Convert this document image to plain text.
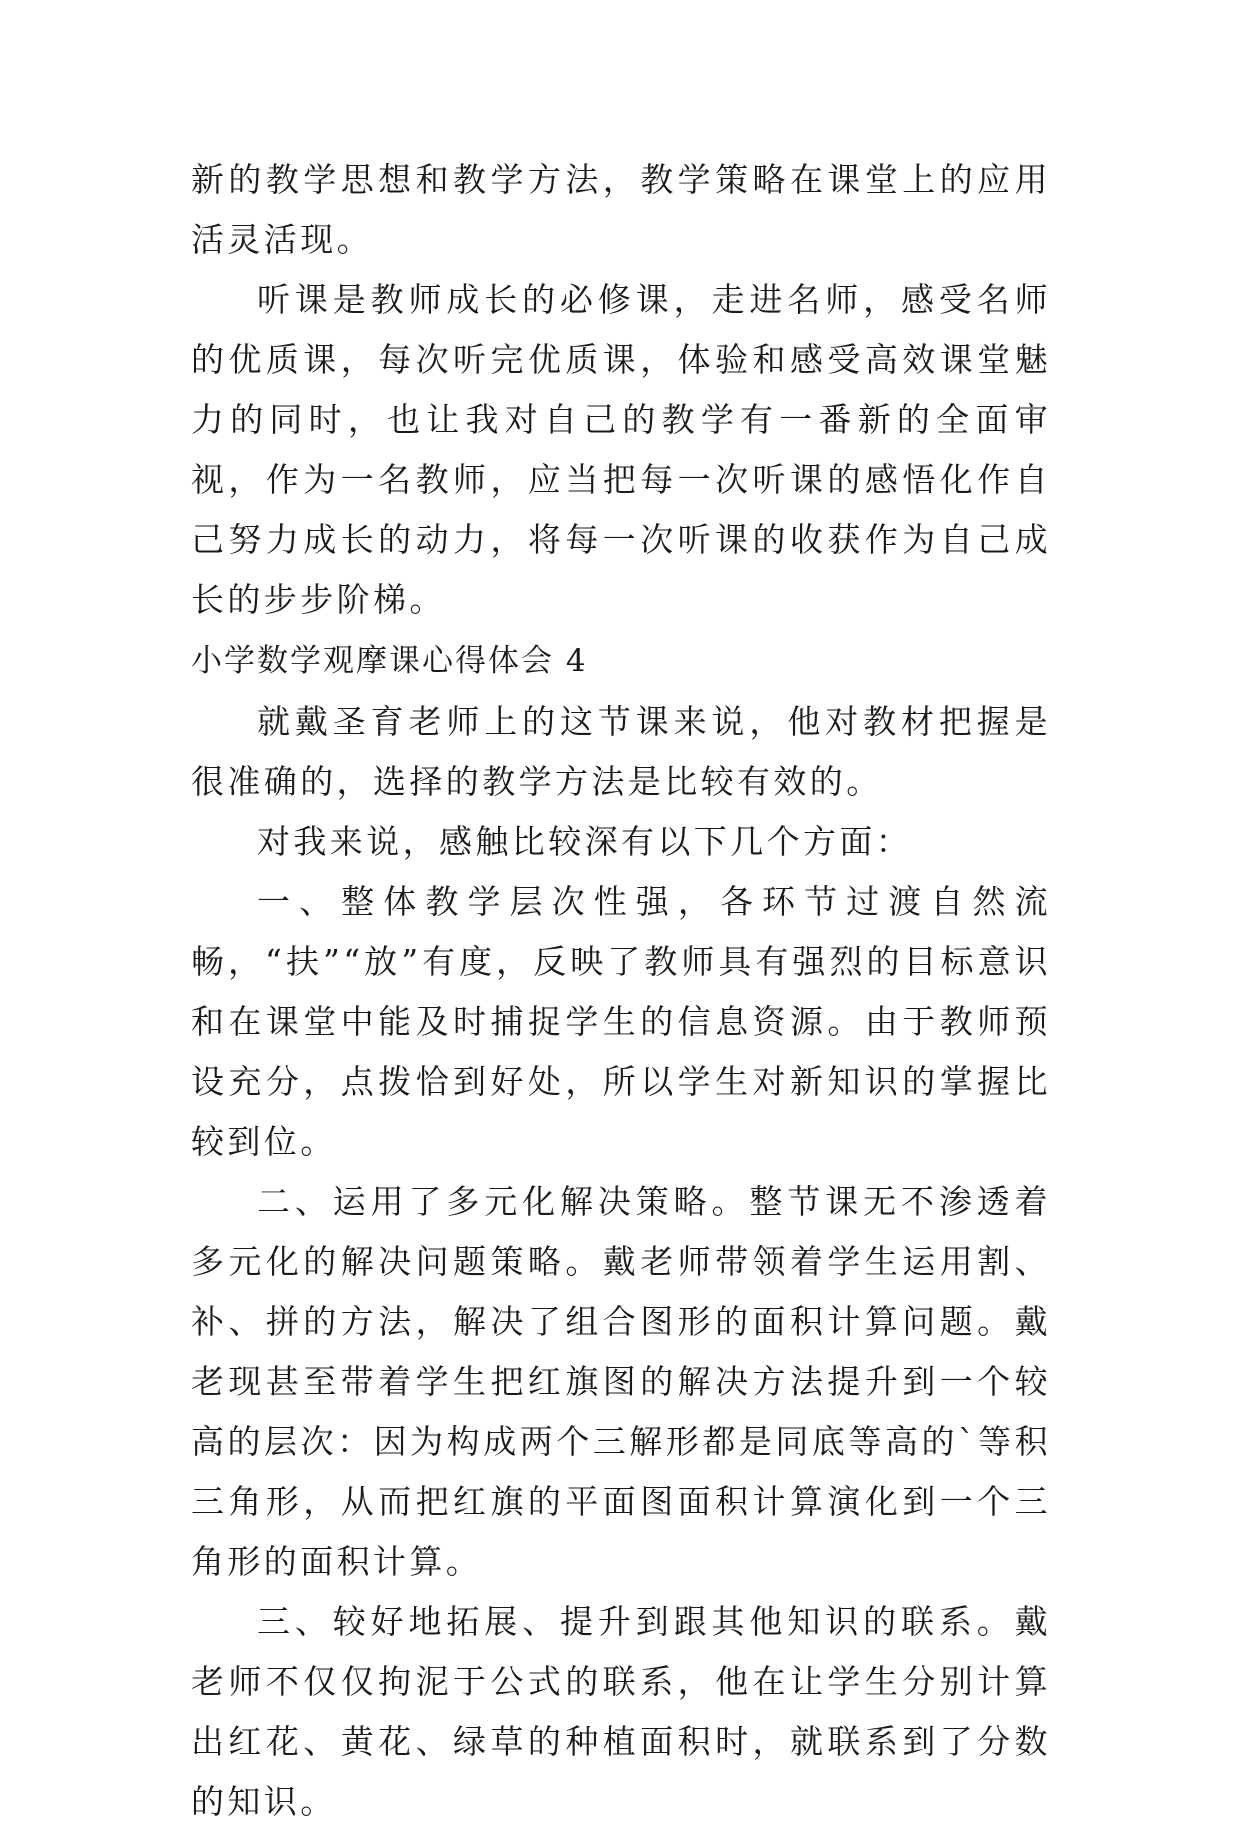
新的教学思想和教学方法，教学策略在课堂上的应用活灵活现。

听课是教师成长的必修课，走进名师，感受名师的优质课，每次听完优质课，体验和感受高效课堂魅力的同时，也让我对自己的教学有一番新的全面审视，作为一名教师，应当把每一次听课的感悟化作自己努力成长的动力，将每一次听课的收获作为自己成长的步步阶梯。

小学数学观摩课心得体会 4

就戴圣育老师上的这节课来说，他对教材把握是很准确的，选择的教学方法是比较有效的。

对我来说，感触比较深有以下几个方面：

一、整体教学层次性强，各环节过渡自然流畅，“扶”“放”有度，反映了教师具有强烈的目标意识和在课堂中能及时捕捉学生的信息资源。由于教师预设充分，点拨恰到好处，所以学生对新知识的掌握比较到位。

二、运用了多元化解决策略。整节课无不渗透着多元化的解决问题策略。戴老师带领着学生运用割、补、拼的方法，解决了组合图形的面积计算问题。戴老现甚至带着学生把红旗图的解决方法提升到一个较高的层次：因为构成两个三解形都是同底等高的`等积三角形，从而把红旗的平面图面积计算演化到一个三角形的面积计算。

三、较好地拓展、提升到跟其他知识的联系。戴老师不仅仅拘泥于公式的联系，他在让学生分别计算出红花、黄花、绿草的种植面积时，就联系到了分数的知识。
